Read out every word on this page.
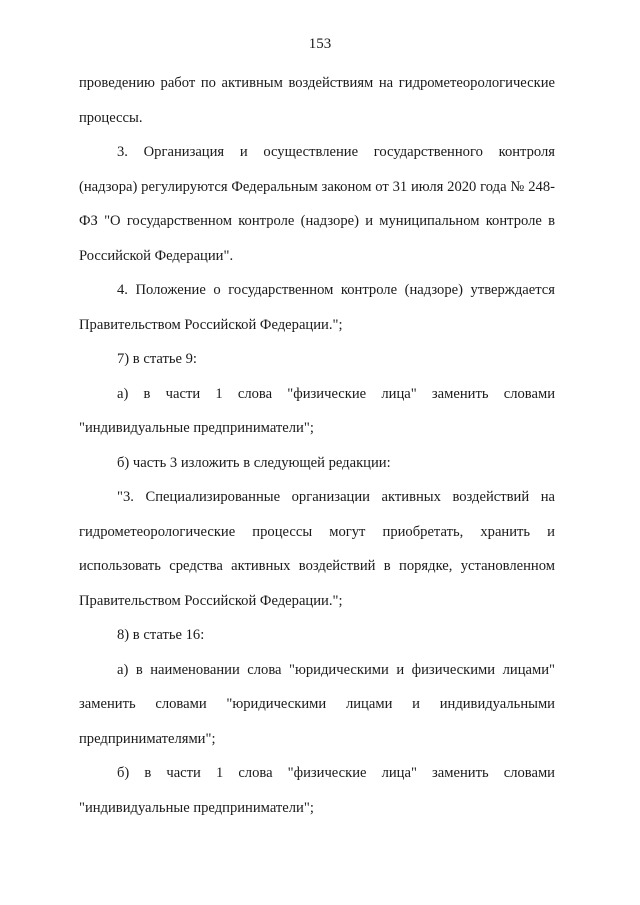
153

проведению работ по активным воздействиям на гидрометеорологические процессы.

3. Организация и осуществление государственного контроля (надзора) регулируются Федеральным законом от 31 июля 2020 года № 248-ФЗ "О государственном контроле (надзоре) и муниципальном контроле в Российской Федерации".

4. Положение о государственном контроле (надзоре) утверждается Правительством Российской Федерации.";

7) в статье 9:

а) в части 1 слова "физические лица" заменить словами "индивидуальные предприниматели";

б) часть 3 изложить в следующей редакции:

"3. Специализированные организации активных воздействий на гидрометеорологические процессы могут приобретать, хранить и использовать средства активных воздействий в порядке, установленном Правительством Российской Федерации.";

8) в статье 16:

а) в наименовании слова "юридическими и физическими лицами" заменить словами "юридическими лицами и индивидуальными предпринимателями";

б) в части 1 слова "физические лица" заменить словами "индивидуальные предприниматели";
